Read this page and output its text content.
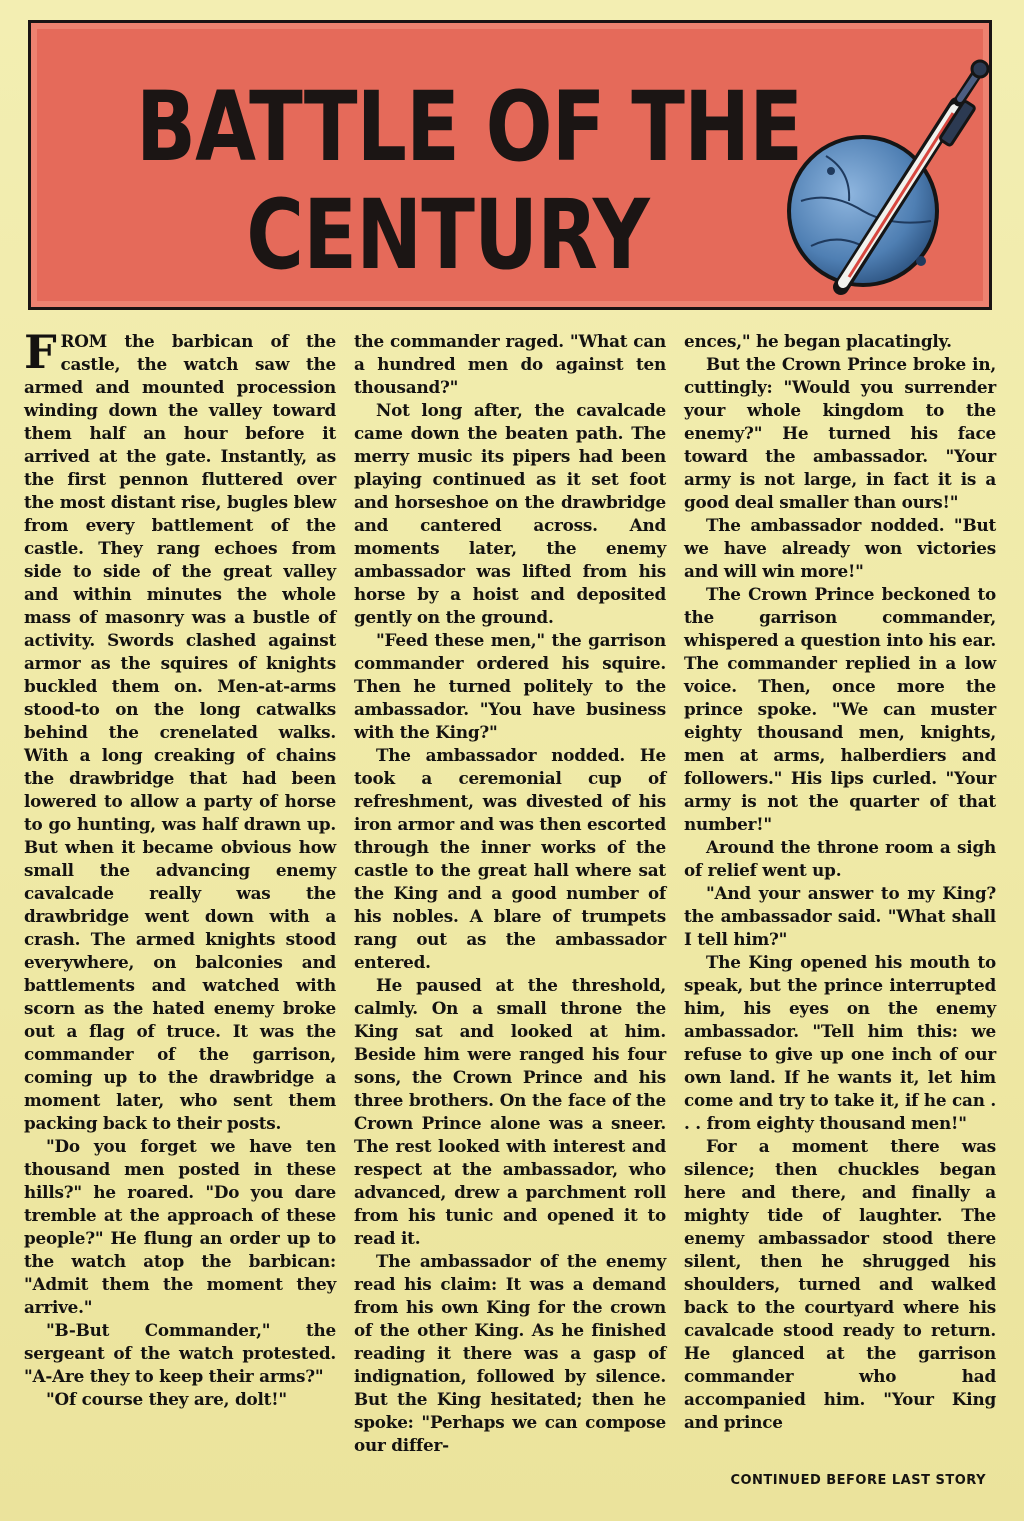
BATTLE OF THE
CENTURY

FROM the barbican of the castle, the watch saw the armed and mounted procession winding down the valley toward them half an hour before it arrived at the gate. Instantly, as the first pennon fluttered over the most distant rise, bugles blew from every battlement of the castle. They rang echoes from side to side of the great valley and within minutes the whole mass of masonry was a bustle of activity. Swords clashed against armor as the squires of knights buckled them on. Men-at-arms stood-to on the long catwalks behind the crenelated walks. With a long creaking of chains the drawbridge that had been lowered to allow a party of horse to go hunting, was half drawn up. But when it became obvious how small the advancing enemy cavalcade really was the drawbridge went down with a crash. The armed knights stood everywhere, on balconies and battlements and watched with scorn as the hated enemy broke out a flag of truce. It was the commander of the garrison, coming up to the drawbridge a moment later, who sent them packing back to their posts.

"Do you forget we have ten thousand men posted in these hills?" he roared. "Do you dare tremble at the approach of these people?" He flung an order up to the watch atop the barbican: "Admit them the moment they arrive."

"B-But Commander," the sergeant of the watch protested. "A-Are they to keep their arms?"

"Of course they are, dolt!"

the commander raged. "What can a hundred men do against ten thousand?"

Not long after, the cavalcade came down the beaten path. The merry music its pipers had been playing continued as it set foot and horseshoe on the drawbridge and cantered across. And moments later, the enemy ambassador was lifted from his horse by a hoist and deposited gently on the ground.

"Feed these men," the garrison commander ordered his squire. Then he turned politely to the ambassador. "You have business with the King?"

The ambassador nodded. He took a ceremonial cup of refreshment, was divested of his iron armor and was then escorted through the inner works of the castle to the great hall where sat the King and a good number of his nobles. A blare of trumpets rang out as the ambassador entered.

He paused at the threshold, calmly. On a small throne the King sat and looked at him. Beside him were ranged his four sons, the Crown Prince and his three brothers. On the face of the Crown Prince alone was a sneer. The rest looked with interest and respect at the ambassador, who advanced, drew a parchment roll from his tunic and opened it to read it.

The ambassador of the enemy read his claim: It was a demand from his own King for the crown of the other King. As he finished reading it there was a gasp of indignation, followed by silence. But the King hesitated; then he spoke: "Perhaps we can compose our differ-

ences," he began placatingly.

But the Crown Prince broke in, cuttingly: "Would you surrender your whole kingdom to the enemy?" He turned his face toward the ambassador. "Your army is not large, in fact it is a good deal smaller than ours!"

The ambassador nodded. "But we have already won victories and will win more!"

The Crown Prince beckoned to the garrison commander, whispered a question into his ear. The commander replied in a low voice. Then, once more the prince spoke. "We can muster eighty thousand men, knights, men at arms, halberdiers and followers." His lips curled. "Your army is not the quarter of that number!"

Around the throne room a sigh of relief went up.

"And your answer to my King? the ambassador said. "What shall I tell him?"

The King opened his mouth to speak, but the prince interrupted him, his eyes on the enemy ambassador. "Tell him this: we refuse to give up one inch of our own land. If he wants it, let him come and try to take it, if he can . . . from eighty thousand men!"

For a moment there was silence; then chuckles began here and there, and finally a mighty tide of laughter. The enemy ambassador stood there silent, then he shrugged his shoulders, turned and walked back to the courtyard where his cavalcade stood ready to return. He glanced at the garrison commander who had accompanied him. "Your King and prince

CONTINUED BEFORE LAST STORY
